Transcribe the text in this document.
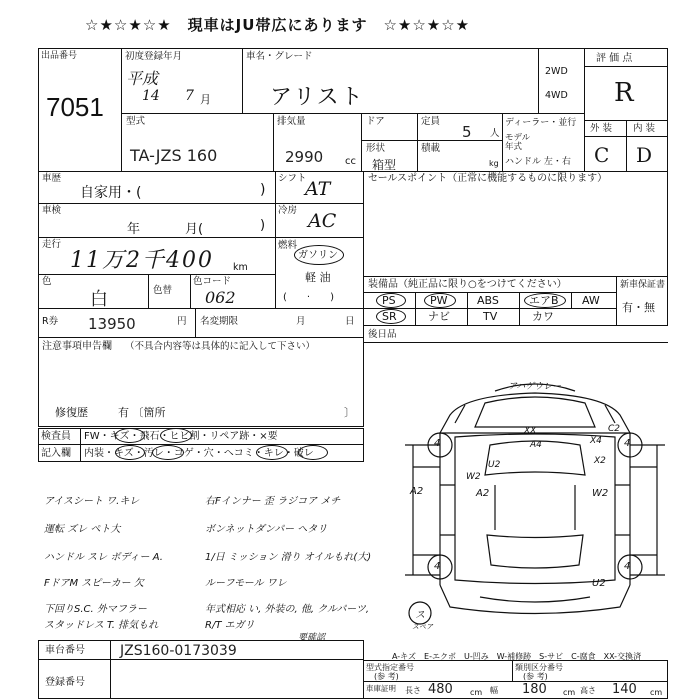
☆★☆★☆★　現車はJU帯広にあります　☆★☆★☆★
出品番号
7051
初度登録年月
平成
14 7 月
車名・グレード
アリスト
2WD
4WD
評 価 点
R
外 装 内 装
C D
型式
TA-JZS 160
排気量
2990 cc
ドア
形状
箱型
定員
5 人
積載
kg
ディーラー・並行
モデル
年式
ハンドル 左・右
車歴
自家用・(	)
シフト
AT
車検
年	月(	)
冷房 AC
走行
11万2千400 km
燃料
ガソリン
軽 油
(　　·　　)
色
白	色替
色コード
062
R券 13950	円 名変期限	月	日
セールスポイント（正常に機能するものに限ります）
装備品（純正品に限り○をつけてください）
PS	PW	ABS	エアB AW
SR	ナビ	TV	カワ
新車保証書
有・無
後日品
注意事項申告欄 （不具合内容等は具体的に記入して下さい）
修復歴	有 〔箇所	〕
検査員 FW・キズ・飛石・ヒビ割・リペア跡・×要
記入欄 内装・キズ・汚レ・コゲ・穴・へコミ・キレ・破レ
アイスシート ワ.キレ
運転 ズレ ペト大
ハンドル スレ ボディー A.
FドアM スピーカー 欠
下回りS.C. 外マフラー
スタッドレス T. 排気もれ
右Fインナー 歪 ラジコア メチ
ボンネットダンパー ヘタリ
1/日 ミッション 滑り オイルもれ(大)
ルーフモール ワレ
年式相応 い, 外装の, 他, クルパーツ,
R/T エガリ
要確認
アハゲウレー
4	4
4	4
A2
W2
A2	W2
U2
XX
A4	X4
C2
X2
U2
ス
スペア
A-キズ　E-エクボ　U-凹み　W-補修跡　S-サビ　C-腐食　XX-交換済
車台番号	JZS160-0173039
登録番号
型式指定番号
(参 考)
類別区分番号
(参 考)
車庫証明 長さ 480 cm 幅 180 cm 高さ 140 cm
